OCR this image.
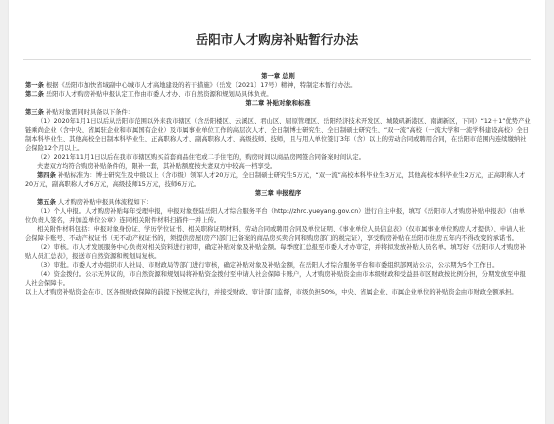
岳阳市人才购房补贴暂行办法

第一章 总则

第一条 根据《岳阳市加快省域副中心城市人才高地建设的若干措施》（岳发〔2021〕17号）精神，特制定本暂行办法。

第二条 岳阳市人才购房补贴申报认定工作由市委人才办、市自然资源和规划局具体负责。

第二章 补贴对象和标准

第三条 补贴对象需同时具备以下条件：

（1）2020年1月1日以后从岳阳市范围以外来我市辖区（含岳阳楼区、云溪区、君山区、屈原管理区、岳阳经济技术开发区、城陵矶新港区、南湖新区，下同）“12＋1”优势产业链乘尚企业（含中央、省属驻企业和市属国有企业）及市属事业单位工作的高层次人才、全日制博士研究生、全日制硕士研究生、“双一流”高校（一流大学和一流学科建设高校）全日制本科毕业生、其他高校全日制本科毕业生、正高职称人才、副高职称人才、高级技师、技师，且与用人单位签订3年（含）以上的劳动合同或聘用合同，在岳阳市范围内连续缴纳社会保险12个月以上。

（2）2021年11月1日以后在我市市辖区购买首套商品住宅或二手住宅的，购房时间以商品房网签合同备案时间认定。

夫妻双方均符合购房补贴条件的，限补一套，其补贴额度按夫妻双方中较高一档享受。

第四条 补贴标准为：博士研究生及中级以上（含市级）领军人才20万元，全日制硕士研究生5万元，“双一流”高校本科毕业生3万元，其他高校本科毕业生2万元，正高职称人才20万元，副高职称人才6万元，高级技师15万元，技师6万元。

第三章 申报程序

第五条 人才购房补贴申报具体流程如下：

（1）个人申报。人才购房补贴每年受理申报，申报对象登陆岳阳人才综合服务平台（http://zhrc.yueyang.gov.cn）进行自主申报，填写《岳阳市人才购房补贴申报表》（由单位负责人签名，并加盖单位公章）连同相关附件材料扫描件一并上传。

相关附件材料包括：申报对象身份证、学历学位证书、相关职称证明材料、劳动合同或聘用合同及单位证明、《事业单位人员信息表》（仅市属事业单位购房人才提供）、申请人社会保障卡账号、不动产权证书（无不动产权证书的，须提供房屋(房产)部门已备案的商品房买卖合同和购房部门的税完证），享受购房补贴在岳阳市住房五年内不得改变的承诺书。

（2）审核。市人才发展服务中心负责对相关资料进行初审，确定补贴对象及补贴金额。每季度汇总报至市委人才办审定，并将拟发放补贴人员名单。填写好《岳阳市人才购房补贴人员汇总表》，报送市自然资源和规划局复核。

（3）审批。市委人才办组织市人社局、市财政局等部门进行审核，确定补贴对象及补贴金额，在岳阳人才综合服务平台和市委组织部网站公示，公示期为5个工作日。

（4）资金拨付。公示无异议的，市自然资源和规划局将补贴资金拨付至申请人社会保障卡账户，人才购房补贴资金由市本级财政和受益县市区财政按比例分担，分期发放至申报人社会保障卡。

以上人才购房补贴资金在市、区各级财政保障的前提下按规定执行，并接受财政、审计部门监督，市级负担50%，中央、省属企业、市属企业单位的补贴资金由市财政全额承担。
